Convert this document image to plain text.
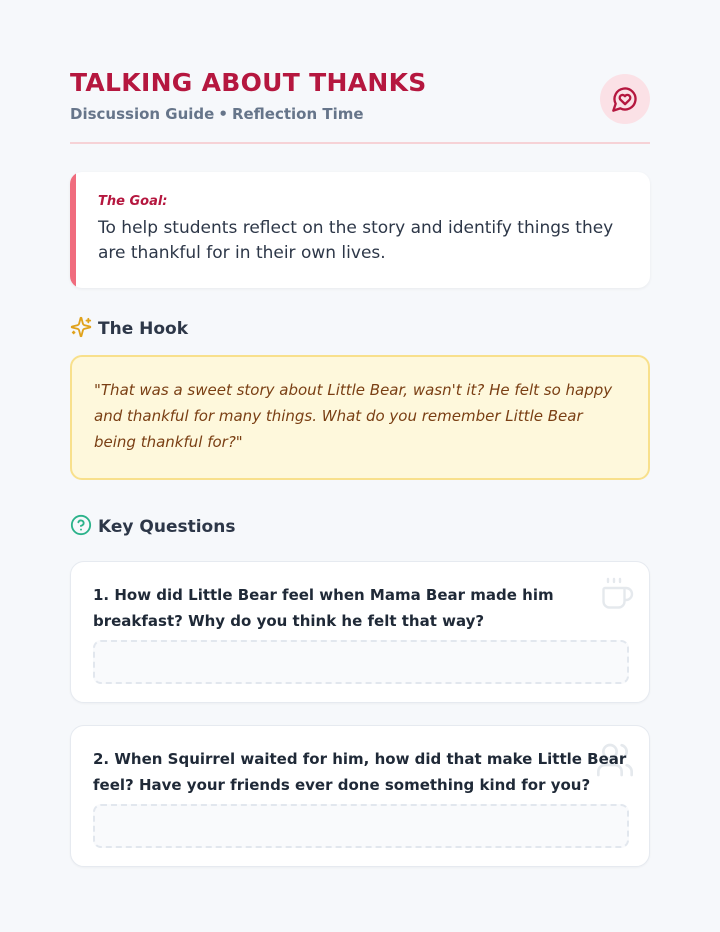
TALKING ABOUT THANKS
Discussion Guide • Reflection Time
The Goal:
To help students reflect on the story and identify things they are thankful for in their own lives.
The Hook
"That was a sweet story about Little Bear, wasn't it? He felt so happy and thankful for many things. What do you remember Little Bear being thankful for?"
Key Questions
1. How did Little Bear feel when Mama Bear made him breakfast? Why do you think he felt that way?
2. When Squirrel waited for him, how did that make Little Bear feel? Have your friends ever done something kind for you?
